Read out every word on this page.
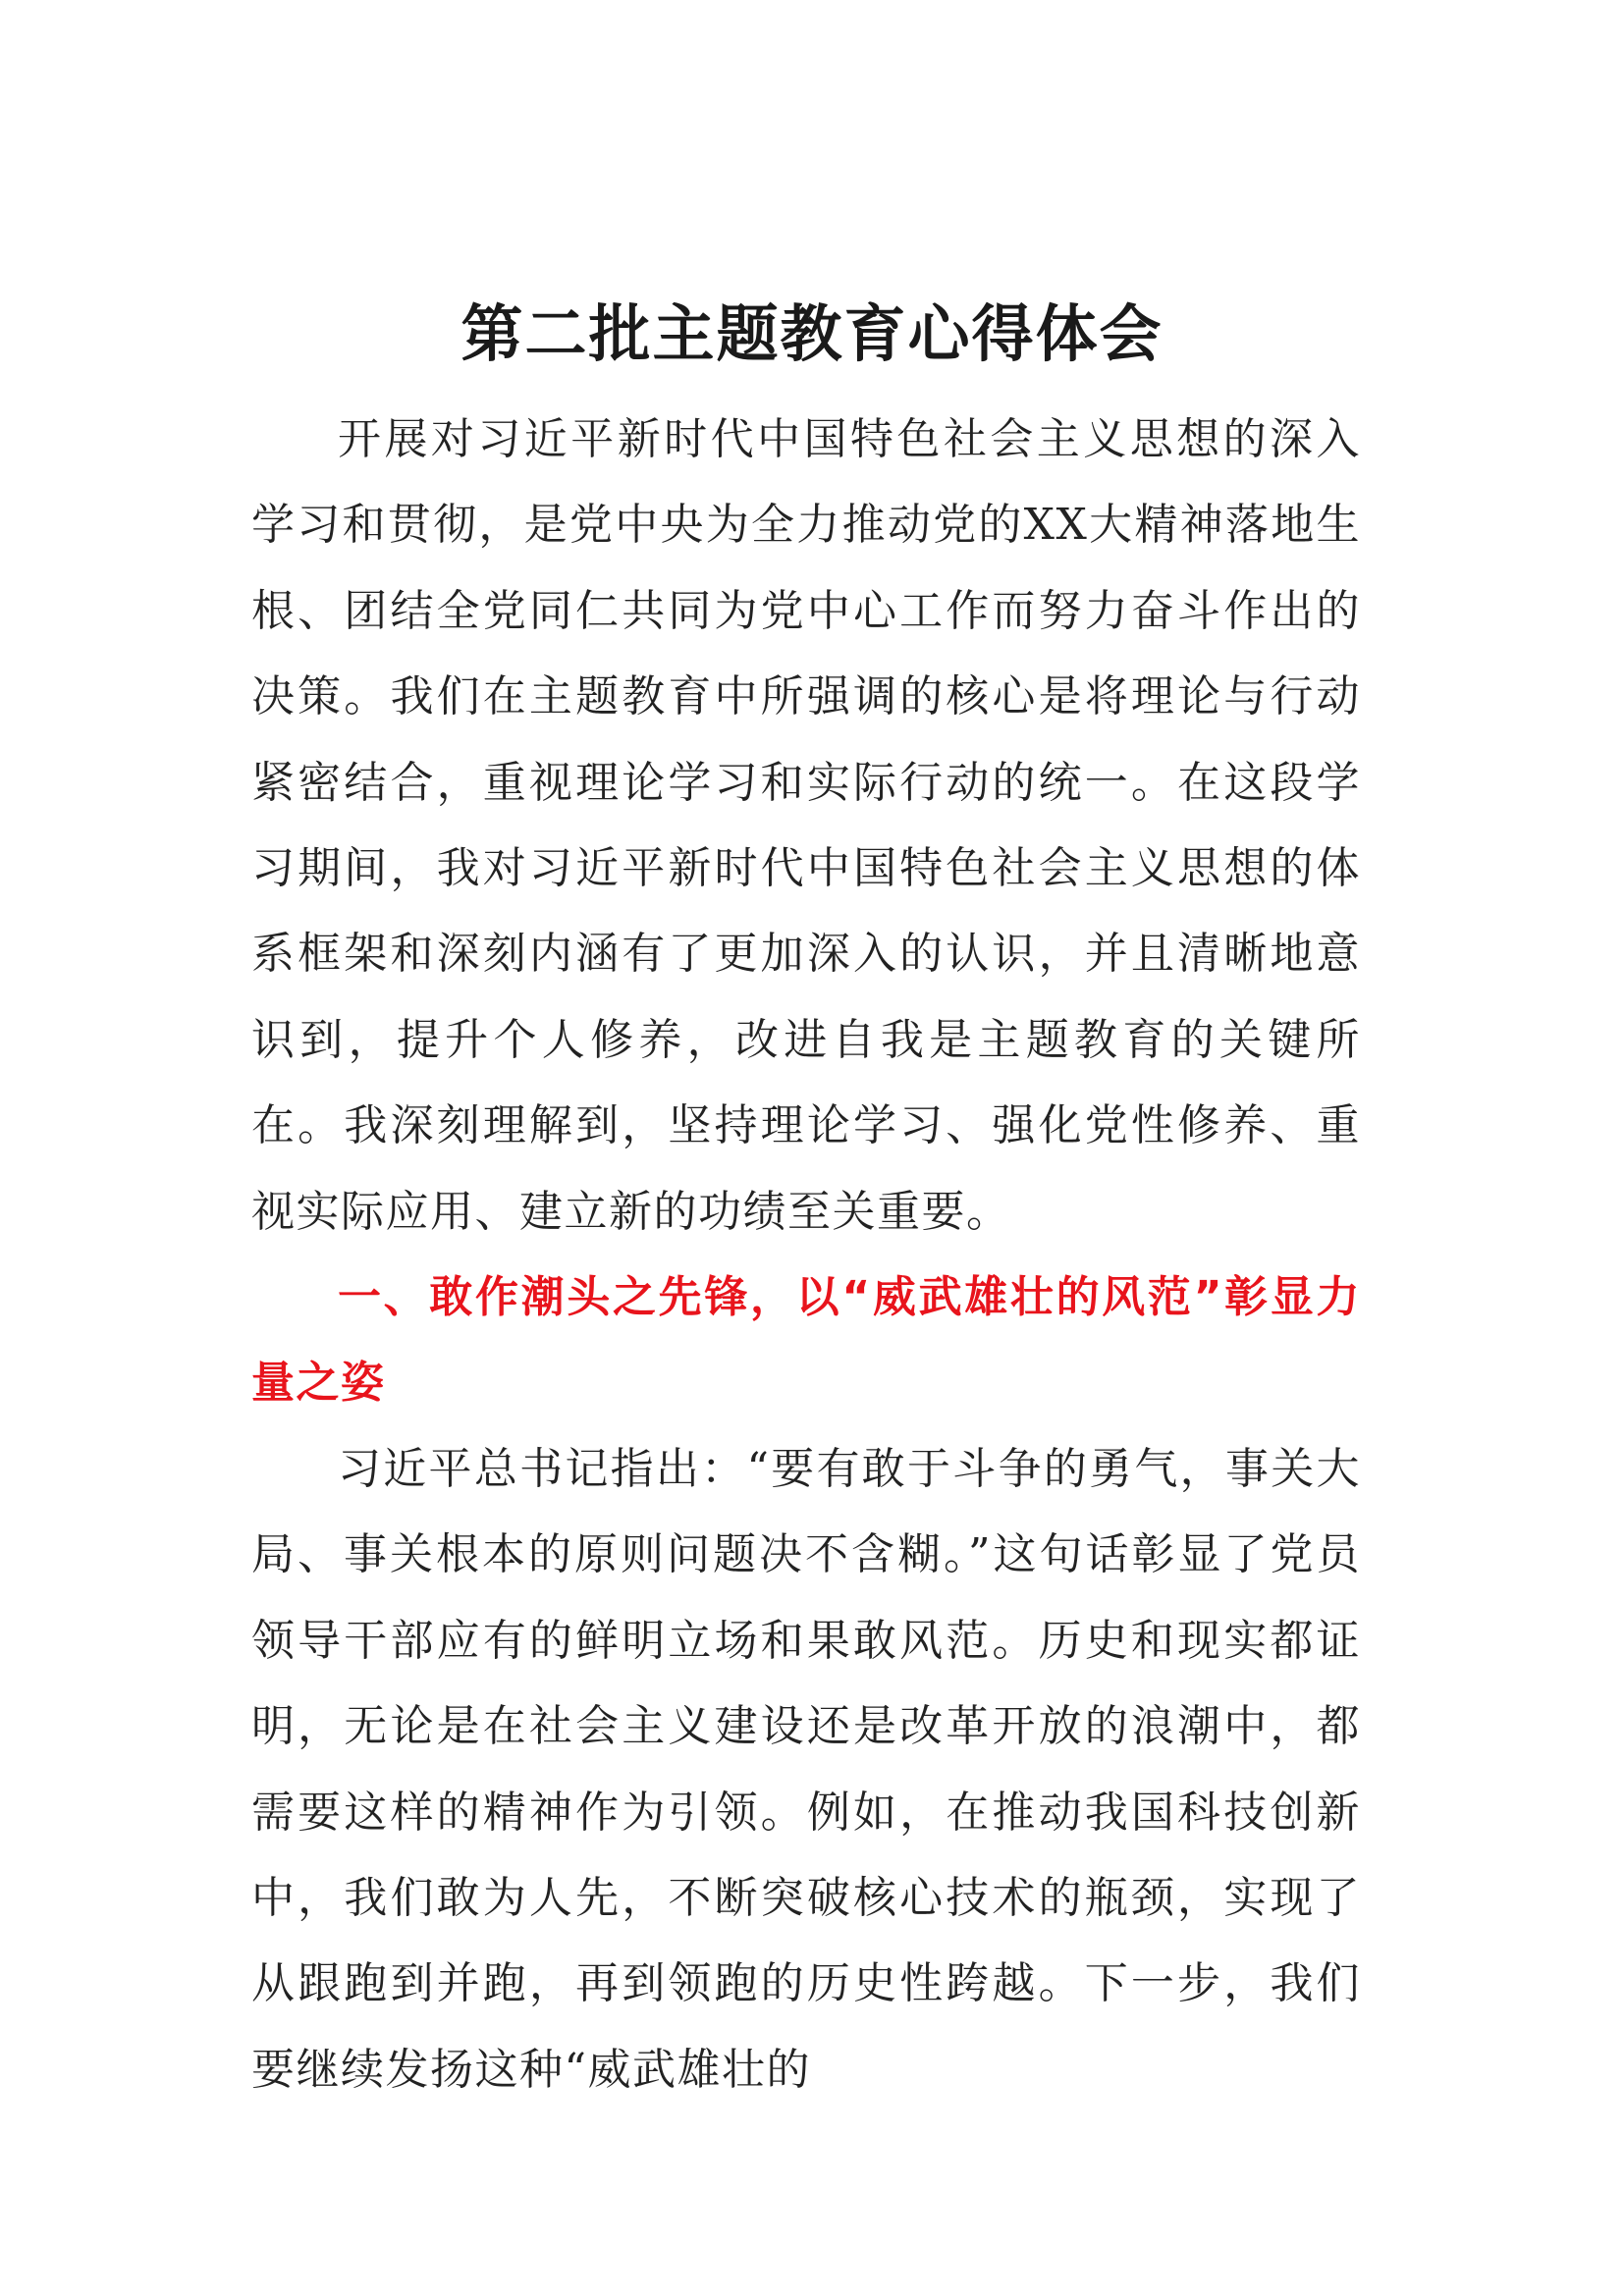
第二批主题教育心得体会

开展对习近平新时代中国特色社会主义思想的深入学习和贯彻，是党中央为全力推动党的XX大精神落地生根、团结全党同仁共同为党中心工作而努力奋斗作出的决策。我们在主题教育中所强调的核心是将理论与行动紧密结合，重视理论学习和实际行动的统一。在这段学习期间，我对习近平新时代中国特色社会主义思想的体系框架和深刻内涵有了更加深入的认识，并且清晰地意识到，提升个人修养，改进自我是主题教育的关键所在。我深刻理解到，坚持理论学习、强化党性修养、重视实际应用、建立新的功绩至关重要。

一、敢作潮头之先锋，以“威武雄壮的风范”彰显力量之姿

习近平总书记指出：“要有敢于斗争的勇气，事关大局、事关根本的原则问题决不含糊。”这句话彰显了党员领导干部应有的鲜明立场和果敢风范。历史和现实都证明，无论是在社会主义建设还是改革开放的浪潮中，都需要这样的精神作为引领。例如，在推动我国科技创新中，我们敢为人先，不断突破核心技术的瓶颈，实现了从跟跑到并跑，再到领跑的历史性跨越。下一步，我们要继续发扬这种“威武雄壮的
